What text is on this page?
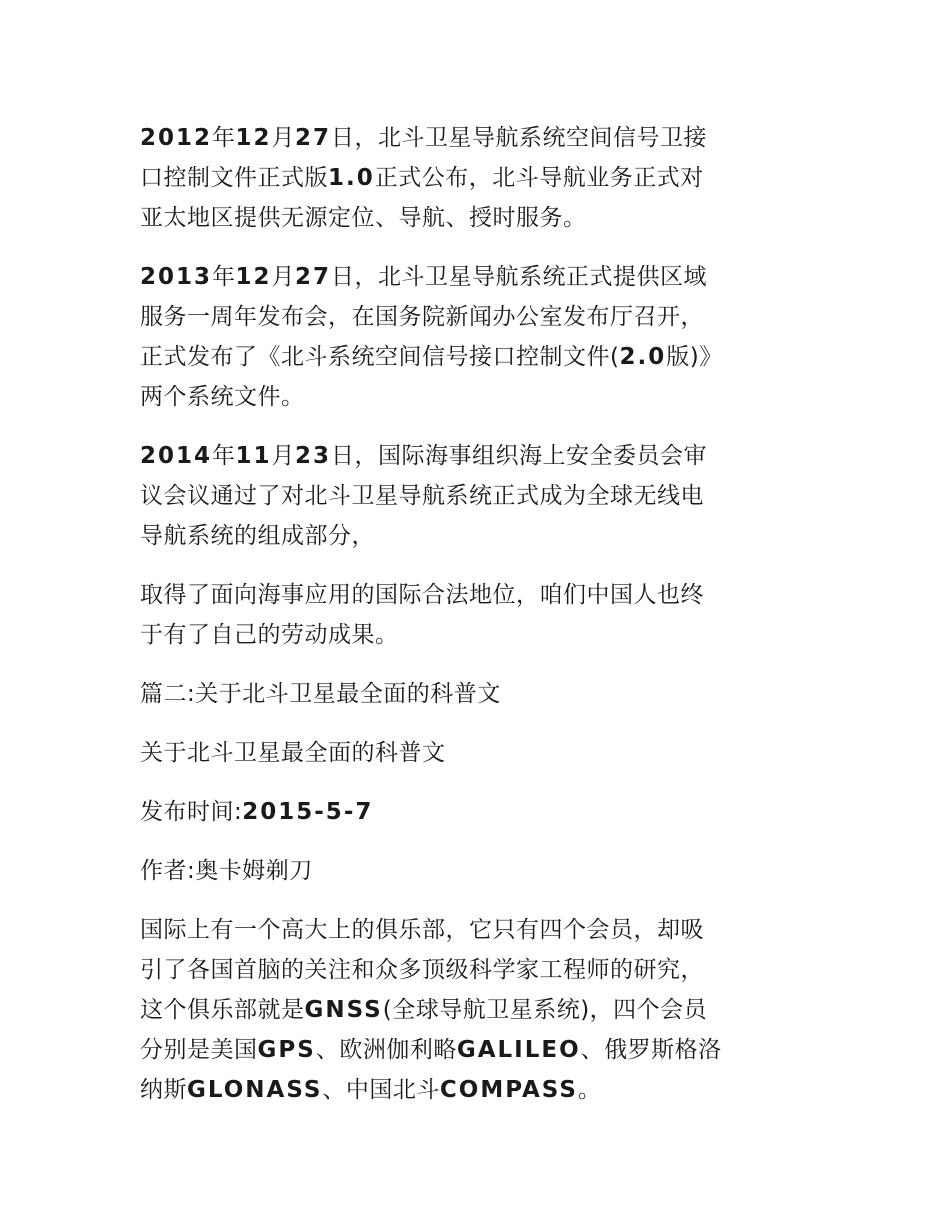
2012年12月27日，北斗卫星导航系统空间信号卫接
口控制文件正式版1.0正式公布，北斗导航业务正式对
亚太地区提供无源定位、导航、授时服务。
2013年12月27日，北斗卫星导航系统正式提供区域
服务一周年发布会，在国务院新闻办公室发布厅召开，
正式发布了《北斗系统空间信号接口控制文件(2.0版)》
两个系统文件。
2014年11月23日，国际海事组织海上安全委员会审
议会议通过了对北斗卫星导航系统正式成为全球无线电
导航系统的组成部分，
取得了面向海事应用的国际合法地位，咱们中国人也终
于有了自己的劳动成果。
篇二:关于北斗卫星最全面的科普文
关于北斗卫星最全面的科普文
发布时间:2015-5-7
作者:奥卡姆剃刀
国际上有一个高大上的俱乐部，它只有四个会员，却吸
引了各国首脑的关注和众多顶级科学家工程师的研究，
这个俱乐部就是GNSS(全球导航卫星系统)，四个会员
分别是美国GPS、欧洲伽利略GALILEO、俄罗斯格洛
纳斯GLONASS、中国北斗COMPASS。
